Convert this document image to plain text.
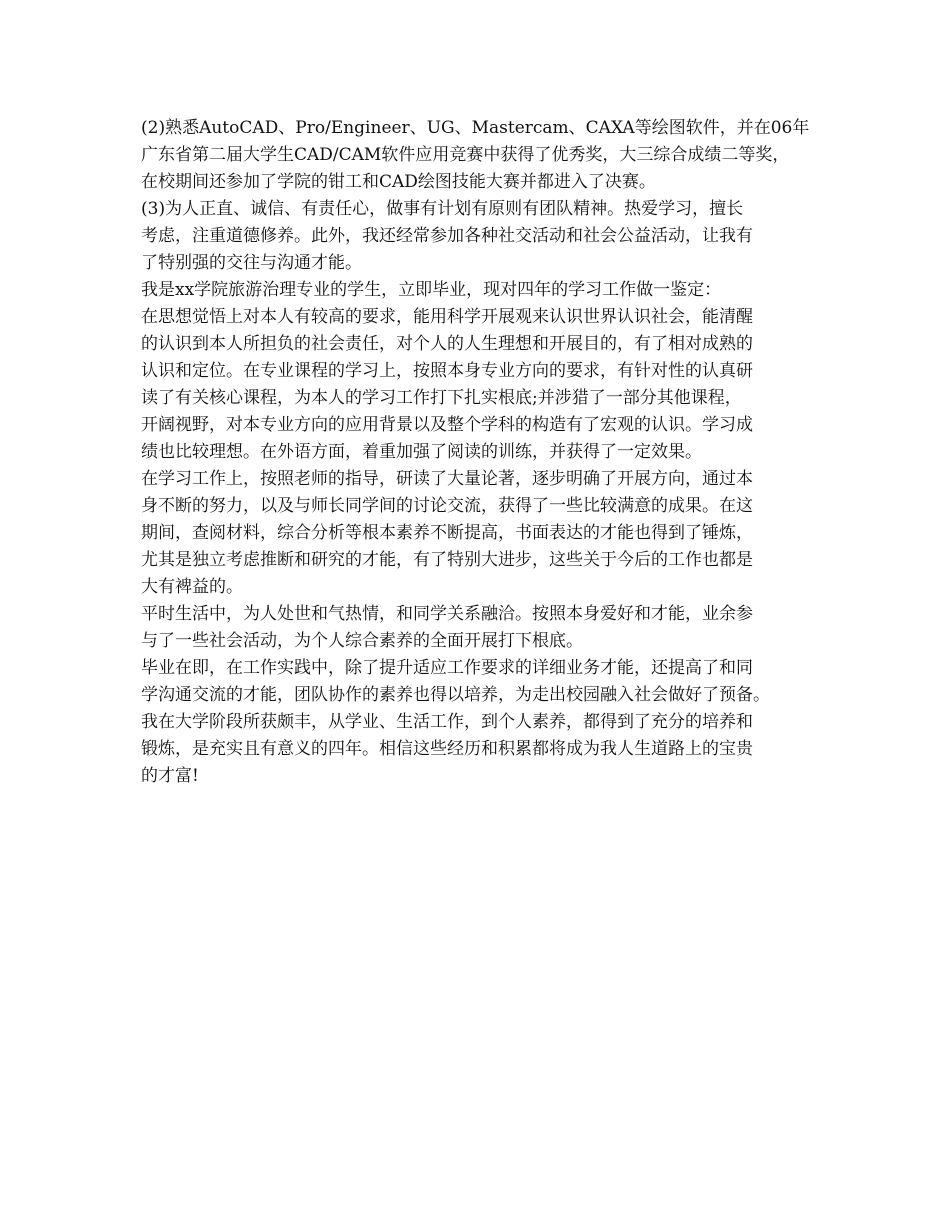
(2)熟悉AutoCAD、Pro/Engineer、UG、Mastercam、CAXA等绘图软件，并在06年

广东省第二届大学生CAD/CAM软件应用竞赛中获得了优秀奖，大三综合成绩二等奖，

在校期间还参加了学院的钳工和CAD绘图技能大赛并都进入了决赛。

(3)为人正直、诚信、有责任心，做事有计划有原则有团队精神。热爱学习，擅长

考虑，注重道德修养。此外，我还经常参加各种社交活动和社会公益活动，让我有

了特别强的交往与沟通才能。

我是xx学院旅游治理专业的学生，立即毕业，现对四年的学习工作做一鉴定：

在思想觉悟上对本人有较高的要求，能用科学开展观来认识世界认识社会，能清醒

的认识到本人所担负的社会责任，对个人的人生理想和开展目的，有了相对成熟的

认识和定位。在专业课程的学习上，按照本身专业方向的要求，有针对性的认真研

读了有关核心课程，为本人的学习工作打下扎实根底;并涉猎了一部分其他课程，

开阔视野，对本专业方向的应用背景以及整个学科的构造有了宏观的认识。学习成

绩也比较理想。在外语方面，着重加强了阅读的训练，并获得了一定效果。

在学习工作上，按照老师的指导，研读了大量论著，逐步明确了开展方向，通过本

身不断的努力，以及与师长同学间的讨论交流，获得了一些比较满意的成果。在这

期间，查阅材料，综合分析等根本素养不断提高，书面表达的才能也得到了锤炼，

尤其是独立考虑推断和研究的才能，有了特别大进步，这些关于今后的工作也都是

大有裨益的。

平时生活中，为人处世和气热情，和同学关系融洽。按照本身爱好和才能，业余参

与了一些社会活动，为个人综合素养的全面开展打下根底。

毕业在即，在工作实践中，除了提升适应工作要求的详细业务才能，还提高了和同

学沟通交流的才能，团队协作的素养也得以培养，为走出校园融入社会做好了预备。

我在大学阶段所获颇丰，从学业、生活工作，到个人素养，都得到了充分的培养和

锻炼，是充实且有意义的四年。相信这些经历和积累都将成为我人生道路上的宝贵

的才富!
